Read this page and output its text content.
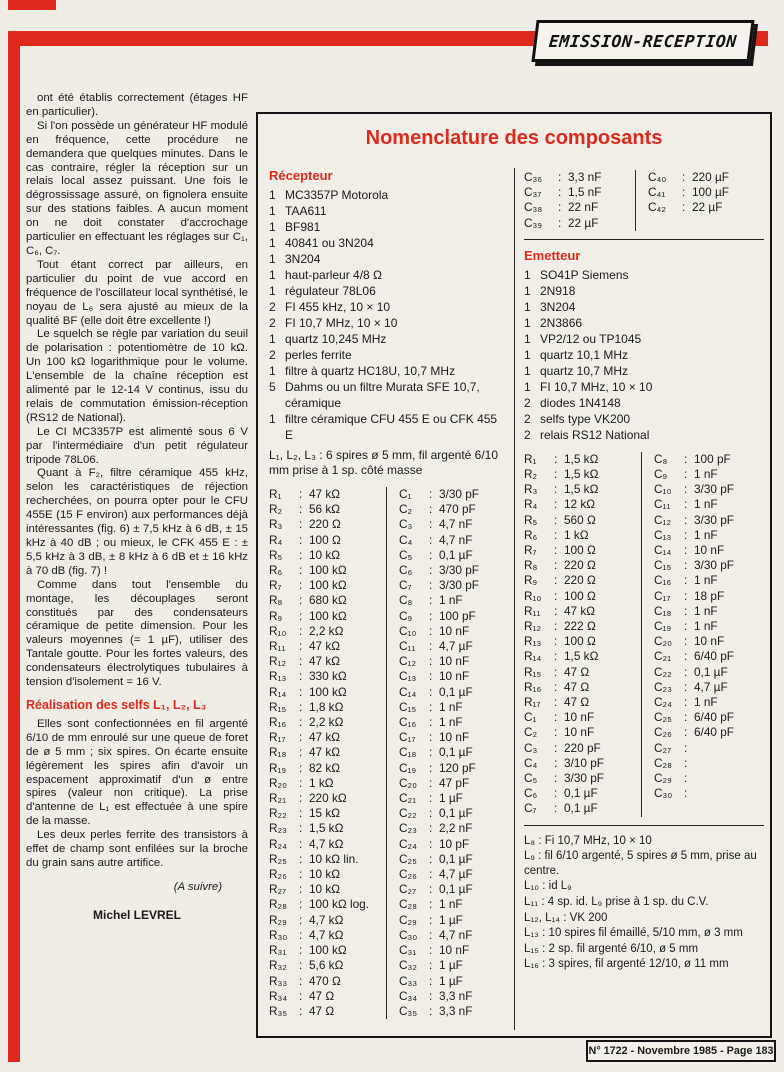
EMISSION-RECEPTION

ont été établis correctement (étages HF en particulier).

Si l'on possède un générateur HF modulé en fréquence, cette procédure ne demandera que quelques minutes. Dans le cas contraire, régler la réception sur un relais local assez puissant. Une fois le dégrossissage assuré, on fignolera ensuite sur des stations faibles. A aucun moment on ne doit constater d'accrochage particulier en effectuant les réglages sur C₁, C₆, C₇.

Tout étant correct par ailleurs, en particulier du point de vue accord en fréquence de l'oscillateur local synthétisé, le noyau de L₆ sera ajusté au mieux de la qualité BF (elle doit être excellente !)

Le squelch se règle par variation du seuil de polarisation : potentiomètre de 10 kΩ. Un 100 kΩ logarithmique pour le volume. L'ensemble de la chaîne réception est alimenté par le 12-14 V continus, issu du relais de commutation émission-réception (RS12 de National).

Le CI MC3357P est alimenté sous 6 V par l'intermédiaire d'un petit régulateur tripode 78L06.

Quant à F₂, filtre céramique 455 kHz, selon les caractéristiques de réjection recherchées, on pourra opter pour le CFU 455E (15 F environ) aux performances déjà intéressantes (fig. 6) ± 7,5 kHz à 6 dB, ± 15 kHz à 40 dB ; ou mieux, le CFK 455 E : ± 5,5 kHz à 3 dB, ± 8 kHz à 6 dB et ± 16 kHz à 70 dB (fig. 7) !

Comme dans tout l'ensemble du montage, les découplages seront constitués par des condensateurs céramique de petite dimension. Pour les valeurs moyennes (= 1 µF), utiliser des Tantale goutte. Pour les fortes valeurs, des condensateurs électrolytiques tubulaires à tension d'isolement = 16 V.

Réalisation des selfs L₁, L₂, L₃

Elles sont confectionnées en fil argenté 6/10 de mm enroulé sur une queue de foret de ø 5 mm ; six spires. On écarte ensuite légèrement les spires afin d'avoir un espacement approximatif d'un ø entre spires (valeur non critique). La prise d'antenne de L₁ est effectuée à une spire de la masse.

Les deux perles ferrite des transistors à effet de champ sont enfilées sur la broche du grain sans autre artifice.

(A suivre)

Michel LEVREL

Nomenclature des composants
Récepteur
1 MC3357P Motorola
1 TAA611
1 BF981
1 40841 ou 3N204
1 3N204
1 haut-parleur 4/8 Ω
1 régulateur 78L06
2 FI 455 kHz, 10 × 10
2 FI 10,7 MHz, 10 × 10
1 quartz 10,245 MHz
2 perles ferrite
1 filtre à quartz HC18U, 10,7 MHz
5 Dahms ou un filtre Murata SFE 10,7, céramique
1 filtre céramique CFU 455 E ou CFK 455 E

L₁, L₂, L₃ : 6 spires ø 5 mm, fil argenté 6/10 mm prise à 1 sp. côté masse

R₁	: 47 kΩ
R₂	: 56 kΩ
R₃	: 220 Ω
R₄	: 100 Ω
R₅	: 10 kΩ
R₆	: 100 kΩ
R₇	: 100 kΩ
R₈	: 680 kΩ
R₉	: 100 kΩ
R₁₀	: 2,2 kΩ
R₁₁	: 47 kΩ
R₁₂	: 47 kΩ
R₁₃	: 330 kΩ
R₁₄	: 100 kΩ
R₁₅	: 1,8 kΩ
R₁₆	: 2,2 kΩ
R₁₇	: 47 kΩ
R₁₈	: 47 kΩ
R₁₉	: 82 kΩ
R₂₀	: 1 kΩ
R₂₁	: 220 kΩ
R₂₂	: 15 kΩ
R₂₃	: 1,5 kΩ
R₂₄	: 4,7 kΩ
R₂₅	: 10 kΩ lin.
R₂₆	: 10 kΩ
R₂₇	: 10 kΩ
R₂₈	: 100 kΩ log.
R₂₉	: 4,7 kΩ
R₃₀ : 4,7 kΩ
R₃₁	: 100 kΩ
R₃₂	: 5,6 kΩ
R₃₃	: 470 Ω
R₃₄	: 47 Ω
R₃₅	: 47 Ω
C₁	: 3/30 pF
C₂	: 470 pF
C₃	: 4,7 nF
C₄	: 4,7 nF
C₅	: 0,1 µF
C₆	: 3/30 pF
C₇	: 3/30 pF
C₈	: 1 nF
C₉	: 100 pF
C₁₀	: 10 nF
C₁₁	: 4,7 µF
C₁₂	: 10 nF
C₁₃	: 10 nF
C₁₄	: 0,1 µF
C₁₅	: 1 nF
C₁₆	: 1 nF
C₁₇	: 10 nF
C₁₈	: 0,1 µF
C₁₉	: 120 pF
C₂₀	: 47 pF
C₂₁	: 1 µF
C₂₂	: 0,1 µF
C₂₃	: 2,2 nF
C₂₄	: 10 pF
C₂₅	: 0,1 µF
C₂₆	: 4,7 µF
C₂₇	: 0,1 µF
C₂₈	: 1 nF
C₂₉	: 1 µF
C₃₀ : 4,7 nF
C₃₁	: 10 nF
C₃₂	: 1 µF
C₃₃	: 1 µF
C₃₄	: 3,3 nF
C₃₅	: 3,3 nF
C₃₆	: 3,3 nF
C₃₇	: 1,5 nF
C₃₈	: 22 nF
C₃₉	: 22 µF
C₄₀	: 220 µF
C₄₁	: 100 µF
C₄₂	: 22 µF
Emetteur
1 SO41P Siemens
1 2N918
1 3N204
1 2N3866
1 VP2/12 ou TP1045
1 quartz 10,1 MHz
1 quartz 10,7 MHz
1 FI 10,7 MHz, 10 × 10
2 diodes 1N4148
2 selfs type VK200
2 relais RS12 National
R₁	: 1,5 kΩ
R₂	: 1,5 kΩ
R₃	: 1,5 kΩ
R₄	: 12 kΩ
R₅	: 560 Ω
R₆	: 1 kΩ
R₇	: 100 Ω
R₈	: 220 Ω
R₉	: 220 Ω
R₁₀	: 100 Ω
R₁₁	: 47 kΩ
R₁₂	: 222 Ω
R₁₃	: 100 Ω
R₁₄	: 1,5 kΩ
R₁₅	: 47 Ω
R₁₆	: 47 Ω
R₁₇	: 47 Ω
C₁	: 10 nF
C₂	: 10 nF
C₃	: 220 pF
C₄	: 3/10 pF
C₅	: 3/30 pF
C₆	: 0,1 µF
C₇	: 0,1 µF
C₈	: 100 pF
C₉	: 1 nF
C₁₀	: 3/30 pF
C₁₁	: 1 nF
C₁₂	: 3/30 pF
C₁₃	: 1 nF
C₁₄	: 10 nF
C₁₅	: 3/30 pF
C₁₆	: 1 nF
C₁₇	: 18 pF
C₁₈	: 1 nF
C₁₉	: 1 nF
C₂₀	: 10 nF
C₂₁	: 6/40 pF
C₂₂	: 0,1 µF
C₂₃	: 4,7 µF
C₂₄	: 1 nF
C₂₅	: 6/40 pF
C₂₆	: 6/40 pF
C₂₇	:
C₂₈	:
C₂₉	:
C₃₀ :

L₈ : Fi 10,7 MHz, 10 × 10

L₉ : fil 6/10 argenté, 5 spires ø 5 mm, prise au centre.

L₁₀ : id L₉

L₁₁ : 4 sp. id. L₉ prise à 1 sp. du C.V.

L₁₂, L₁₄ : VK 200

L₁₃ : 10 spires fil émaillé, 5/10 mm, ø 3 mm

L₁₅ : 2 sp. fil argenté 6/10, ø 5 mm

L₁₆ : 3 spires, fil argenté 12/10, ø 11 mm

N° 1722 - Novembre 1985 - Page 183
